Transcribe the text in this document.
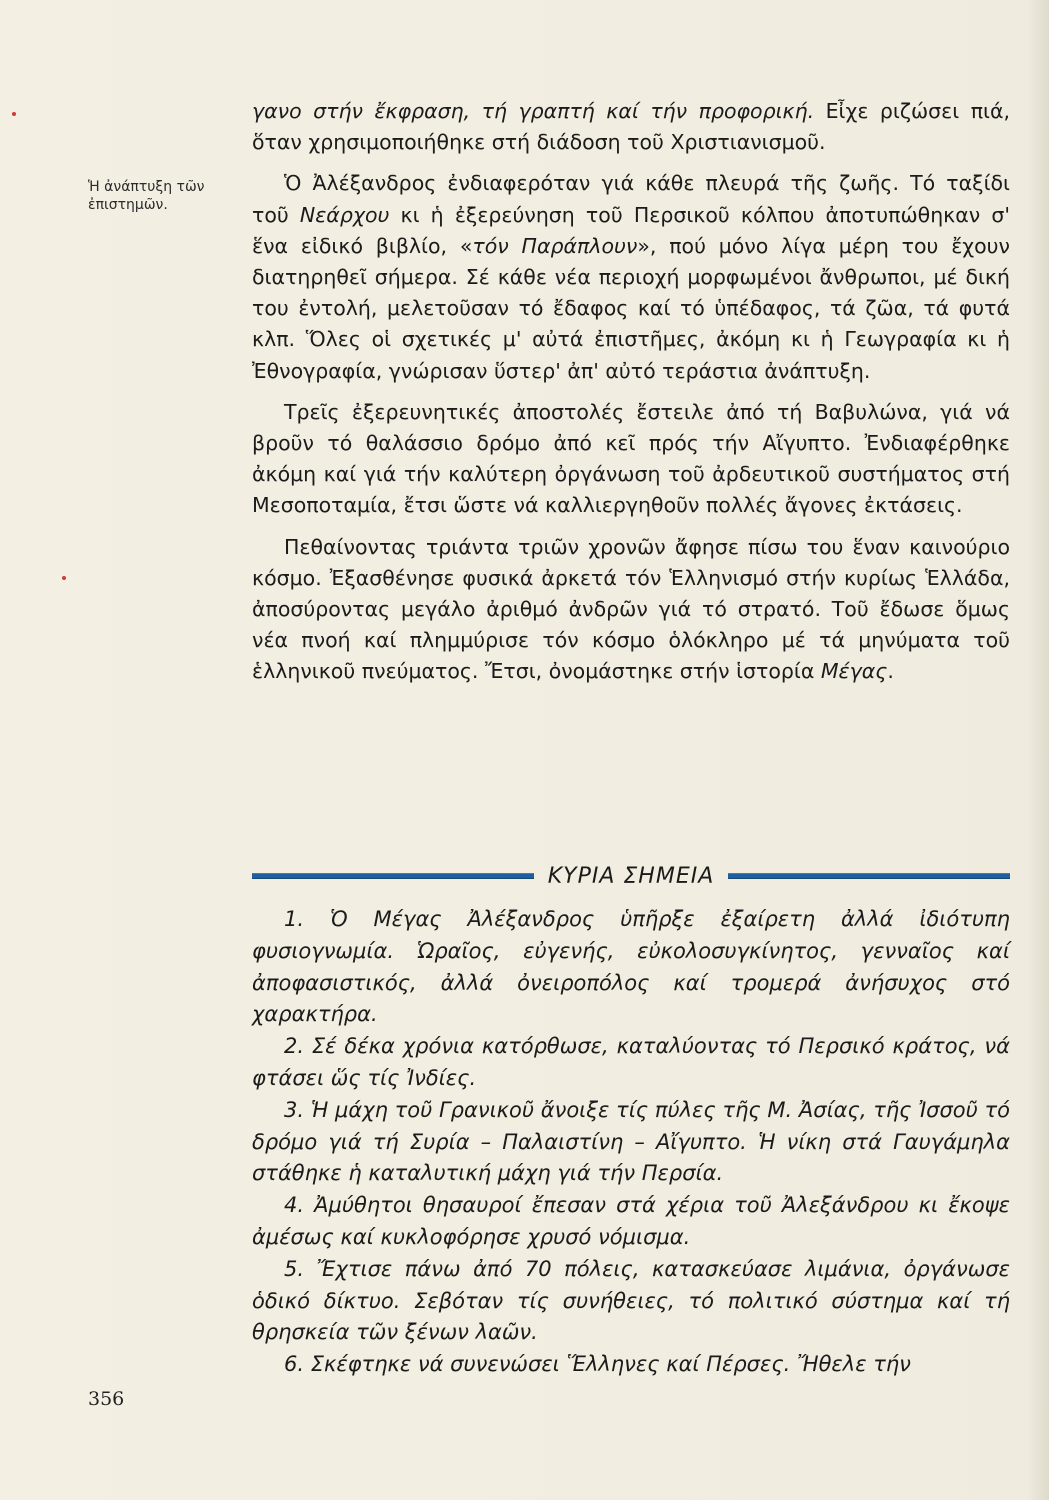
Ἡ ἀνάπτυξη τῶν ἐπιστημῶν.

γανο στήν ἔκφραση, τή γραπτή καί τήν προφορική. Εἶχε ριζώσει πιά, ὅταν χρησιμοποιήθηκε στή διάδοση τοῦ Χριστιανισμοῦ.

Ὁ Ἀλέξανδρος ἐνδιαφερόταν γιά κάθε πλευρά τῆς ζωῆς. Τό ταξίδι τοῦ Νεάρχου κι ἡ ἐξερεύνηση τοῦ Περσικοῦ κόλπου ἀποτυπώθηκαν σ' ἕνα εἰδικό βιβλίο, «τόν Παράπλουν», πού μόνο λίγα μέρη του ἔχουν διατηρηθεῖ σήμερα. Σέ κάθε νέα περιοχή μορφωμένοι ἄνθρωποι, μέ δική του ἐντολή, μελετοῦσαν τό ἔδαφος καί τό ὑπέδαφος, τά ζῶα, τά φυτά κλπ. Ὅλες οἱ σχετικές μ' αὐτά ἐπιστῆμες, ἀκόμη κι ἡ Γεωγραφία κι ἡ Ἐθνογραφία, γνώρισαν ὕστερ' ἀπ' αὐτό τεράστια ἀνάπτυξη.

Τρεῖς ἐξερευνητικές ἀποστολές ἔστειλε ἀπό τή Βαβυλώνα, γιά νά βροῦν τό θαλάσσιο δρόμο ἀπό κεῖ πρός τήν Αἴγυπτο. Ἐνδιαφέρθηκε ἀκόμη καί γιά τήν καλύτερη ὀργάνωση τοῦ ἀρδευτικοῦ συστήματος στή Μεσοποταμία, ἔτσι ὥστε νά καλλιεργηθοῦν πολλές ἄγονες ἐκτάσεις.

Πεθαίνοντας τριάντα τριῶν χρονῶν ἄφησε πίσω του ἕναν καινούριο κόσμο. Ἐξασθένησε φυσικά ἀρκετά τόν Ἑλληνισμό στήν κυρίως Ἑλλάδα, ἀποσύροντας μεγάλο ἀριθμό ἀνδρῶν γιά τό στρατό. Τοῦ ἔδωσε ὅμως νέα πνοή καί πλημμύρισε τόν κόσμο ὁλόκληρο μέ τά μηνύματα τοῦ ἑλληνικοῦ πνεύματος. Ἔτσι, ὀνομάστηκε στήν ἱστορία Μέγας.

ΚΥΡΙΑ ΣΗΜΕΙΑ

1. Ὁ Μέγας Ἀλέξανδρος ὑπῆρξε ἐξαίρετη ἀλλά ἰδιότυπη φυσιογνωμία. Ὡραῖος, εὐγενής, εὐκολοσυγκίνητος, γενναῖος καί ἀποφασιστικός, ἀλλά ὀνειροπόλος καί τρομερά ἀνήσυχος στό χαρακτήρα.

2. Σέ δέκα χρόνια κατόρθωσε, καταλύοντας τό Περσικό κράτος, νά φτάσει ὥς τίς Ἰνδίες.

3. Ἡ μάχη τοῦ Γρανικοῦ ἄνοιξε τίς πύλες τῆς Μ. Ἀσίας, τῆς Ἰσσοῦ τό δρόμο γιά τή Συρία – Παλαιστίνη – Αἴγυπτο. Ἡ νίκη στά Γαυγάμηλα στάθηκε ἡ καταλυτική μάχη γιά τήν Περσία.

4. Ἀμύθητοι θησαυροί ἔπεσαν στά χέρια τοῦ Ἀλεξάνδρου κι ἔκοψε ἀμέσως καί κυκλοφόρησε χρυσό νόμισμα.

5. Ἔχτισε πάνω ἀπό 70 πόλεις, κατασκεύασε λιμάνια, ὀργάνωσε ὁδικό δίκτυο. Σεβόταν τίς συνήθειες, τό πολιτικό σύστημα καί τή θρησκεία τῶν ξένων λαῶν.

6. Σκέφτηκε νά συνενώσει Ἕλληνες καί Πέρσες. Ἤθελε τήν

356
